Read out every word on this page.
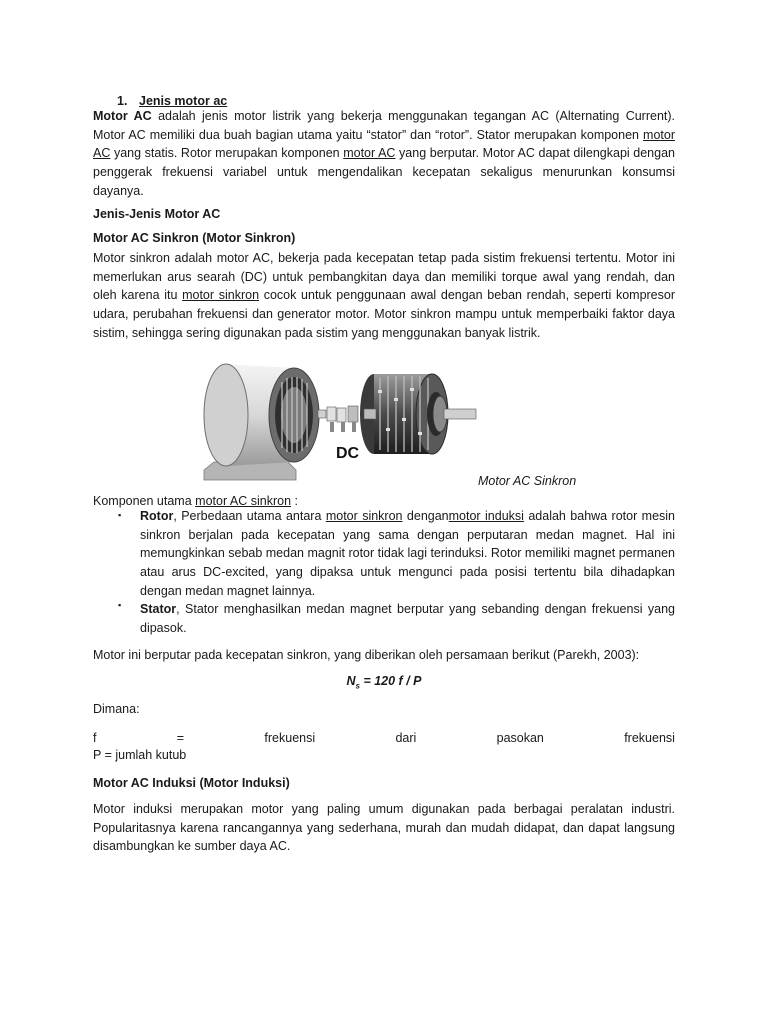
1. Jenis motor ac
Motor AC adalah jenis motor listrik yang bekerja menggunakan tegangan AC (Alternating Current). Motor AC memiliki dua buah bagian utama yaitu “stator” dan “rotor”. Stator merupakan komponen motor AC yang statis. Rotor merupakan komponen motor AC yang berputar. Motor AC dapat dilengkapi dengan penggerak frekuensi variabel untuk mengendalikan kecepatan sekaligus menurunkan konsumsi dayanya.
Jenis-Jenis Motor AC
Motor AC Sinkron (Motor Sinkron)
Motor sinkron adalah motor AC, bekerja pada kecepatan tetap pada sistim frekuensi tertentu. Motor ini memerlukan arus searah (DC) untuk pembangkitan daya dan memiliki torque awal yang rendah, dan oleh karena itu motor sinkron cocok untuk penggunaan awal dengan beban rendah, seperti kompresor udara, perubahan frekuensi dan generator motor. Motor sinkron mampu untuk memperbaiki faktor daya sistim, sehingga sering digunakan pada sistim yang menggunakan banyak listrik.
DC
Motor AC Sinkron
Komponen utama motor AC sinkron :
▪ Rotor, Perbedaan utama antara motor sinkron denganmotor induksi adalah bahwa rotor mesin sinkron berjalan pada kecepatan yang sama dengan perputaran medan magnet. Hal ini memungkinkan sebab medan magnit rotor tidak lagi terinduksi. Rotor memiliki magnet permanen atau arus DC-excited, yang dipaksa untuk mengunci pada posisi tertentu bila dihadapkan dengan medan magnet lainnya.
▪ Stator, Stator menghasilkan medan magnet berputar yang sebanding dengan frekuensi yang dipasok.
Motor ini berputar pada kecepatan sinkron, yang diberikan oleh persamaan berikut (Parekh, 2003):
$N_s = 120$ f / P
Dimana:
f	=	frekuensi	dari	pasokan	frekuensi
P = jumlah kutub
Motor AC Induksi (Motor Induksi)
Motor induksi merupakan motor yang paling umum digunakan pada berbagai peralatan industri. Popularitasnya karena rancangannya yang sederhana, murah dan mudah didapat, dan dapat langsung disambungkan ke sumber daya AC.
